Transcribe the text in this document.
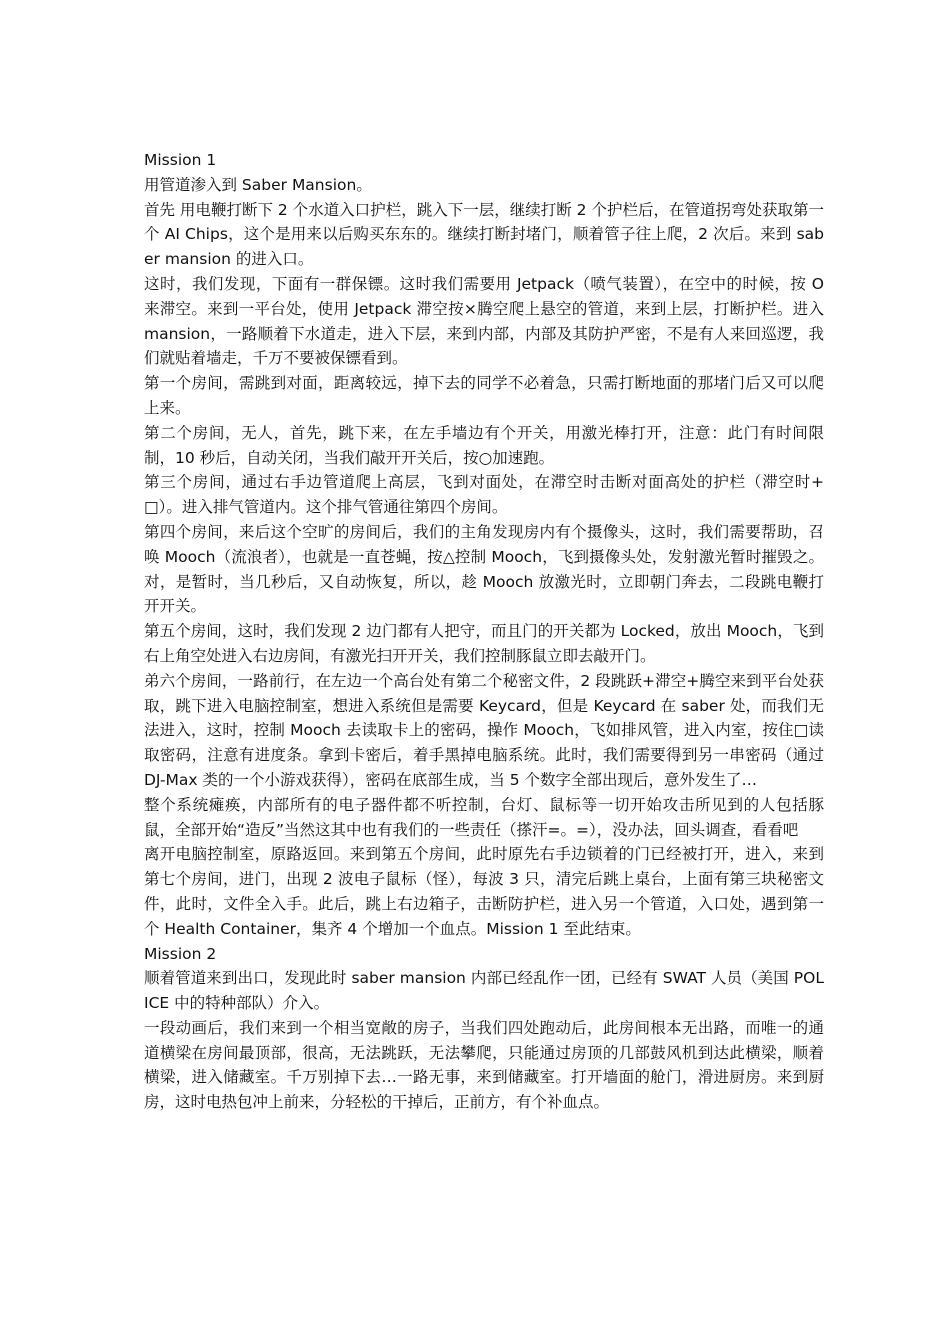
Mission 1

用管道渗入到 Saber Mansion。

首先 用电鞭打断下 2 个水道入口护栏，跳入下一层，继续打断 2 个护栏后，在管道拐弯处获取第一个 AI Chips，这个是用来以后购买东东的。继续打断封堵门，顺着管子往上爬，2 次后。来到 saber mansion 的进入口。

这时，我们发现，下面有一群保镖。这时我们需要用 Jetpack（喷气装置），在空中的时候，按 O 来滞空。来到一平台处，使用 Jetpack 滞空按×腾空爬上悬空的管道，来到上层，打断护栏。进入 mansion，一路顺着下水道走，进入下层，来到内部，内部及其防护严密，不是有人来回巡逻，我们就贴着墙走，千万不要被保镖看到。

第一个房间，需跳到对面，距离较远，掉下去的同学不必着急，只需打断地面的那堵门后又可以爬上来。

第二个房间，无人，首先，跳下来，在左手墙边有个开关，用激光棒打开，注意：此门有时间限制，10 秒后，自动关闭，当我们敲开开关后，按○加速跑。

第三个房间，通过右手边管道爬上高层，飞到对面处，在滞空时击断对面高处的护栏（滞空时+□）。进入排气管道内。这个排气管通往第四个房间。

第四个房间，来后这个空旷的房间后，我们的主角发现房内有个摄像头，这时，我们需要帮助，召唤 Mooch（流浪者），也就是一直苍蝇，按△控制 Mooch，飞到摄像头处，发射激光暂时摧毁之。对，是暂时，当几秒后，又自动恢复，所以，趁 Mooch 放激光时，立即朝门奔去，二段跳电鞭打开开关。

第五个房间，这时，我们发现 2 边门都有人把守，而且门的开关都为 Locked，放出 Mooch，飞到右上角空处进入右边房间，有激光扫开开关，我们控制豚鼠立即去敲开门。

弟六个房间，一路前行，在左边一个高台处有第二个秘密文件，2 段跳跃+滞空+腾空来到平台处获取，跳下进入电脑控制室，想进入系统但是需要 Keycard，但是 Keycard 在 saber 处，而我们无法进入，这时，控制 Mooch 去读取卡上的密码，操作 Mooch，飞如排风管，进入内室，按住□读取密码，注意有进度条。拿到卡密后，着手黑掉电脑系统。此时，我们需要得到另一串密码（通过 DJ-Max 类的一个小游戏获得），密码在底部生成，当 5 个数字全部出现后，意外发生了…

整个系统瘫痪，内部所有的电子器件都不听控制，台灯、鼠标等一切开始攻击所见到的人包括豚鼠，全部开始“造反”当然这其中也有我们的一些责任（搽汗=。=），没办法，回头调查，看看吧

离开电脑控制室，原路返回。来到第五个房间，此时原先右手边锁着的门已经被打开，进入，来到第七个房间，进门，出现 2 波电子鼠标（怪），每波 3 只，清完后跳上桌台，上面有第三块秘密文件，此时，文件全入手。此后，跳上右边箱子，击断防护栏，进入另一个管道，入口处，遇到第一个 Health Container，集齐 4 个增加一个血点。Mission 1 至此结束。

Mission 2

顺着管道来到出口，发现此时 saber mansion 内部已经乱作一团，已经有 SWAT 人员（美国 POLICE 中的特种部队）介入。

一段动画后，我们来到一个相当宽敞的房子，当我们四处跑动后，此房间根本无出路，而唯一的通道横梁在房间最顶部，很高，无法跳跃，无法攀爬，只能通过房顶的几部鼓风机到达此横梁，顺着横梁，进入储藏室。千万别掉下去…一路无事，来到储藏室。打开墙面的舱门，滑进厨房。来到厨房，这时电热包冲上前来，分轻松的干掉后，正前方，有个补血点。
